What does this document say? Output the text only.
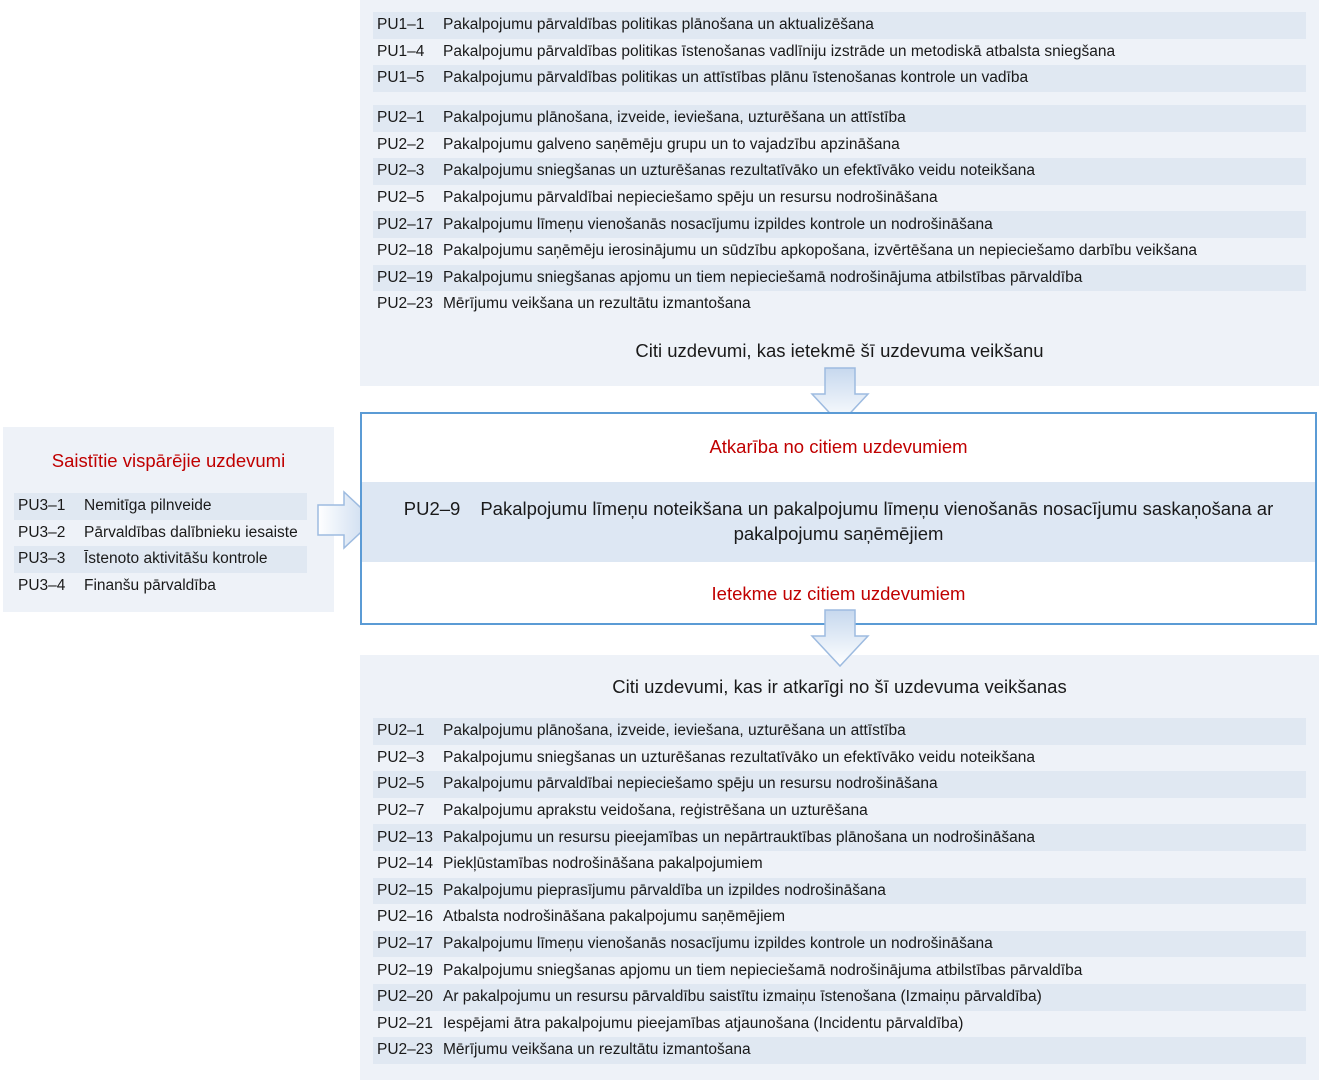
PU1–1	Pakalpojumu pārvaldības politikas plānošana un aktualizēšana
PU1–4	Pakalpojumu pārvaldības politikas īstenošanas vadlīniju izstrāde un metodiskā atbalsta sniegšana
PU1–5	Pakalpojumu pārvaldības politikas un attīstības plānu īstenošanas kontrole un vadība
PU2–1	Pakalpojumu plānošana, izveide, ieviešana, uzturēšana un attīstība
PU2–2	Pakalpojumu galveno saņēmēju grupu un to vajadzību apzināšana
PU2–3	Pakalpojumu sniegšanas un uzturēšanas rezultatīvāko un efektīvāko veidu noteikšana
PU2–5	Pakalpojumu pārvaldībai nepieciešamo spēju un resursu nodrošināšana
PU2–17 Pakalpojumu līmeņu vienošanās nosacījumu izpildes kontrole un nodrošināšana
PU2–18 Pakalpojumu saņēmēju ierosinājumu un sūdzību apkopošana, izvērtēšana un nepieciešamo darbību veikšana
PU2–19 Pakalpojumu sniegšanas apjomu un tiem nepieciešamā nodrošinājuma atbilstības pārvaldība
PU2–23 Mērījumu veikšana un rezultātu izmantošana
Citi uzdevumi, kas ietekmē šī uzdevuma veikšanu
Saistītie vispārējie uzdevumi
PU3–1	Nemitīga pilnveide
PU3–2	Pārvaldības dalībnieku iesaiste
PU3–3	Īstenoto aktivitāšu kontrole
PU3–4	Finanšu pārvaldība
Atkarība no citiem uzdevumiem
PU2–9 Pakalpojumu līmeņu noteikšana un pakalpojumu līmeņu vienošanās nosacījumu saskaņošana ar pakalpojumu saņēmējiem
Ietekme uz citiem uzdevumiem
Citi uzdevumi, kas ir atkarīgi no šī uzdevuma veikšanas
PU2–1	Pakalpojumu plānošana, izveide, ieviešana, uzturēšana un attīstība
PU2–3	Pakalpojumu sniegšanas un uzturēšanas rezultatīvāko un efektīvāko veidu noteikšana
PU2–5	Pakalpojumu pārvaldībai nepieciešamo spēju un resursu nodrošināšana
PU2–7	Pakalpojumu aprakstu veidošana, reģistrēšana un uzturēšana
PU2–13 Pakalpojumu un resursu pieejamības un nepārtrauktības plānošana un nodrošināšana
PU2–14 Piekļūstamības nodrošināšana pakalpojumiem
PU2–15 Pakalpojumu pieprasījumu pārvaldība un izpildes nodrošināšana
PU2–16 Atbalsta nodrošināšana pakalpojumu saņēmējiem
PU2–17 Pakalpojumu līmeņu vienošanās nosacījumu izpildes kontrole un nodrošināšana
PU2–19 Pakalpojumu sniegšanas apjomu un tiem nepieciešamā nodrošinājuma atbilstības pārvaldība
PU2–20 Ar pakalpojumu un resursu pārvaldību saistītu izmaiņu īstenošana (Izmaiņu pārvaldība)
PU2–21 Iespējami ātra pakalpojumu pieejamības atjaunošana (Incidentu pārvaldība)
PU2–23 Mērījumu veikšana un rezultātu izmantošana
